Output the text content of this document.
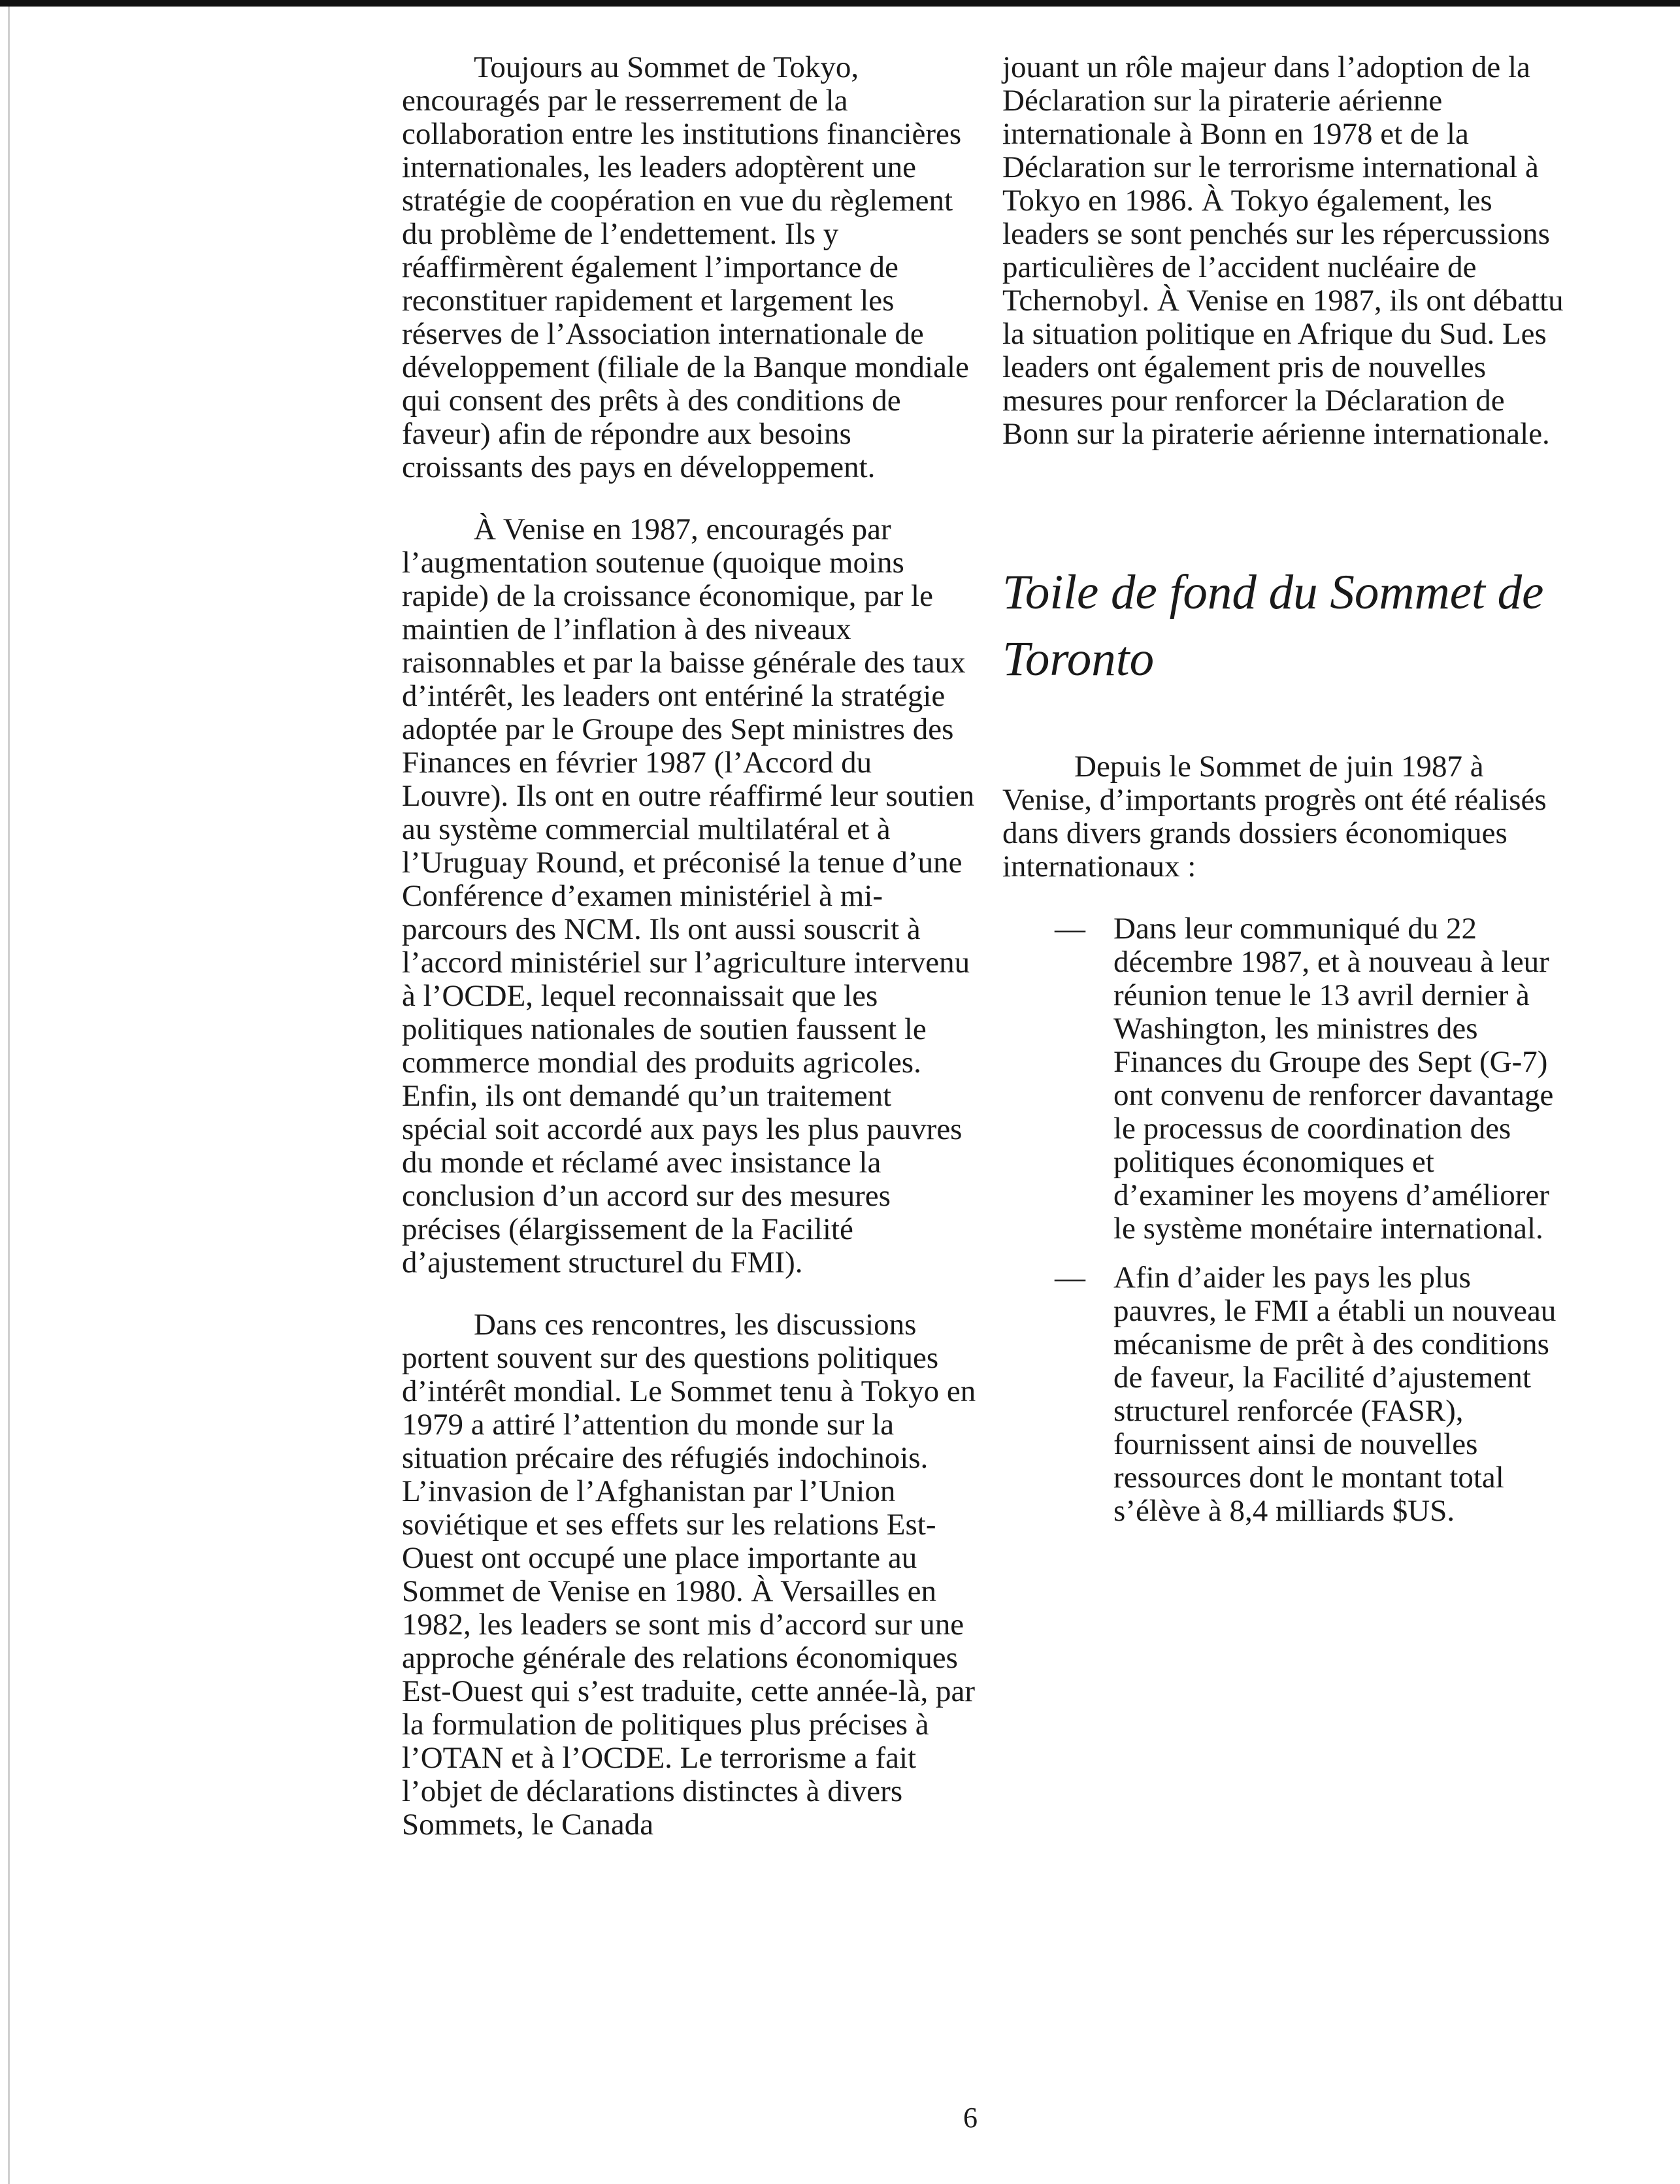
Toujours au Sommet de Tokyo, encouragés par le resserrement de la collaboration entre les institutions financières internationales, les leaders adoptèrent une stratégie de coopération en vue du règlement du problème de l’endettement. Ils y réaffirmèrent également l’importance de reconstituer rapidement et largement les réserves de l’Association internationale de développement (filiale de la Banque mondiale qui consent des prêts à des conditions de faveur) afin de répondre aux besoins croissants des pays en développement.

À Venise en 1987, encouragés par l’augmentation soutenue (quoique moins rapide) de la croissance économique, par le maintien de l’inflation à des niveaux raisonnables et par la baisse générale des taux d’intérêt, les leaders ont entériné la stratégie adoptée par le Groupe des Sept ministres des Finances en février 1987 (l’Accord du Louvre). Ils ont en outre réaffirmé leur soutien au système commercial multilatéral et à l’Uruguay Round, et préconisé la tenue d’une Conférence d’examen ministériel à mi-parcours des NCM. Ils ont aussi souscrit à l’accord ministériel sur l’agriculture intervenu à l’OCDE, lequel reconnaissait que les politiques nationales de soutien faussent le commerce mondial des produits agricoles. Enfin, ils ont demandé qu’un traitement spécial soit accordé aux pays les plus pauvres du monde et réclamé avec insistance la conclusion d’un accord sur des mesures précises (élargissement de la Facilité d’ajustement structurel du FMI).

Dans ces rencontres, les discussions portent souvent sur des questions politiques d’intérêt mondial. Le Sommet tenu à Tokyo en 1979 a attiré l’attention du monde sur la situation précaire des réfugiés indochinois. L’invasion de l’Afghanistan par l’Union soviétique et ses effets sur les relations Est-Ouest ont occupé une place importante au Sommet de Venise en 1980. À Versailles en 1982, les leaders se sont mis d’accord sur une approche générale des relations économiques Est-Ouest qui s’est traduite, cette année-là, par la formulation de politiques plus précises à l’OTAN et à l’OCDE. Le terrorisme a fait l’objet de déclarations distinctes à divers Sommets, le Canada

jouant un rôle majeur dans l’adoption de la Déclaration sur la piraterie aérienne internationale à Bonn en 1978 et de la Déclaration sur le terrorisme international à Tokyo en 1986. À Tokyo également, les leaders se sont penchés sur les répercussions particulières de l’accident nucléaire de Tchernobyl. À Venise en 1987, ils ont débattu la situation politique en Afrique du Sud. Les leaders ont également pris de nouvelles mesures pour renforcer la Déclaration de Bonn sur la piraterie aérienne internationale.

Toile de fond du Sommet de Toronto

Depuis le Sommet de juin 1987 à Venise, d’importants progrès ont été réalisés dans divers grands dossiers économiques internationaux :

— Dans leur communiqué du 22 décembre 1987, et à nouveau à leur réunion tenue le 13 avril dernier à Washington, les ministres des Finances du Groupe des Sept (G-7) ont convenu de renforcer davantage le processus de coordination des politiques économiques et d’examiner les moyens d’améliorer le système monétaire international.
— Afin d’aider les pays les plus pauvres, le FMI a établi un nouveau mécanisme de prêt à des conditions de faveur, la Facilité d’ajustement structurel renforcée (FASR), fournissent ainsi de nouvelles ressources dont le montant total s’élève à 8,4 milliards $US.
6
